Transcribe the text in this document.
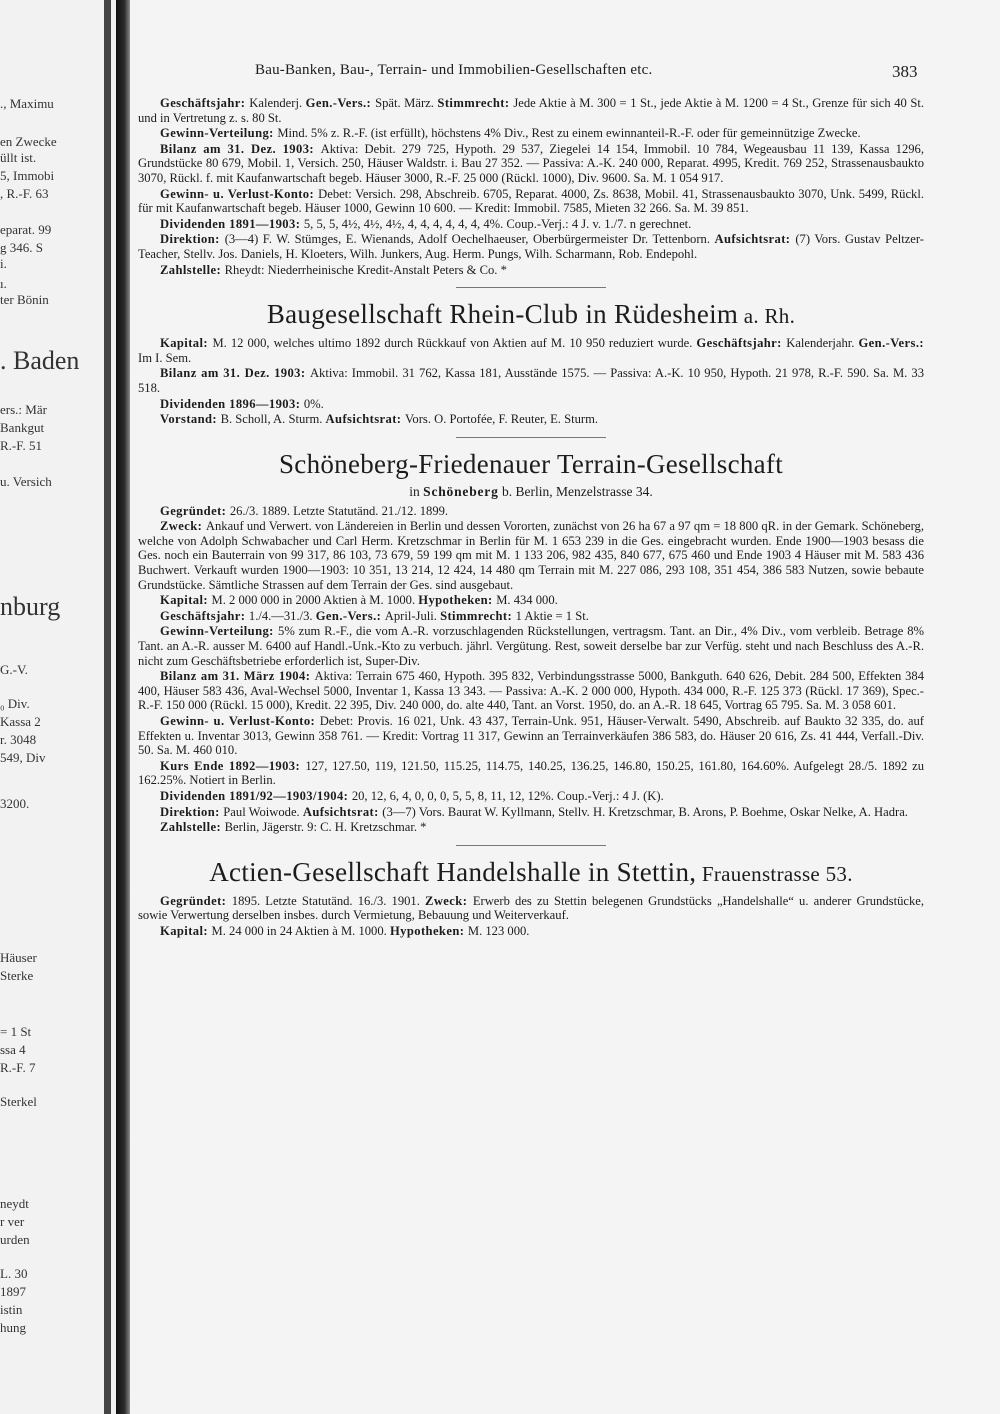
., Maximu
en Zwecke
üllt ist.
5, Immobi
, R.-F. 63
eparat. 99
g 346. S
i.
ı.
ter Bönin
. Baden
ers.: Mär
Bankgut
R.-F. 51
u. Versich
nburg
G.-V.
₀ Div.
Kassa 2
r. 3048
549, Div
3200.
Häuser
Sterke
= 1 St
ssa 4
R.-F. 7
Sterkel
neydt
r ver
urden
L. 30
1897
istin
hung
Bau-Banken, Bau-, Terrain- und Immobilien-Gesellschaften etc.	383

Geschäftsjahr: Kalenderj. Gen.-Vers.: Spät. März. Stimmrecht: Jede Aktie à M. 300 = 1 St., jede Aktie à M. 1200 = 4 St., Grenze für sich 40 St. und in Vertretung z. s. 80 St.

Gewinn-Verteilung: Mind. 5% z. R.-F. (ist erfüllt), höchstens 4% Div., Rest zu einem ewinnanteil-R.-F. oder für gemeinnützige Zwecke.

Bilanz am 31. Dez. 1903: Aktiva: Debit. 279 725, Hypoth. 29 537, Ziegelei 14 154, Immobil. 10 784, Wegeausbau 11 139, Kassa 1296, Grundstücke 80 679, Mobil. 1, Versich. 250, Häuser Waldstr. i. Bau 27 352. — Passiva: A.-K. 240 000, Reparat. 4995, Kredit. 769 252, Strassenausbaukto 3070, Rückl. f. mit Kaufanwartschaft begeb. Häuser 3000, R.-F. 25 000 (Rückl. 1000), Div. 9600. Sa. M. 1 054 917.

Gewinn- u. Verlust-Konto: Debet: Versich. 298, Abschreib. 6705, Reparat. 4000, Zs. 8638, Mobil. 41, Strassenausbaukto 3070, Unk. 5499, Rückl. für mit Kaufanwartschaft begeb. Häuser 1000, Gewinn 10 600. — Kredit: Immobil. 7585, Mieten 32 266. Sa. M. 39 851.

Dividenden 1891—1903: 5, 5, 5, 4½, 4½, 4½, 4, 4, 4, 4, 4, 4, 4%. Coup.-Verj.: 4 J. v. 1./7. n gerechnet.

Direktion: (3—4) F. W. Stümges, E. Wienands, Adolf Oechelhaeuser, Oberbürgermeister Dr. Tettenborn. Aufsichtsrat: (7) Vors. Gustav Peltzer-Teacher, Stellv. Jos. Daniels, H. Kloeters, Wilh. Junkers, Aug. Herm. Pungs, Wilh. Scharmann, Rob. Endepohl.

Zahlstelle: Rheydt: Niederrheinische Kredit-Anstalt Peters & Co. *

Baugesellschaft Rhein-Club in Rüdesheim a. Rh.

Kapital: M. 12 000, welches ultimo 1892 durch Rückkauf von Aktien auf M. 10 950 reduziert wurde. Geschäftsjahr: Kalenderjahr. Gen.-Vers.: Im I. Sem.

Bilanz am 31. Dez. 1903: Aktiva: Immobil. 31 762, Kassa 181, Ausstände 1575. — Passiva: A.-K. 10 950, Hypoth. 21 978, R.-F. 590. Sa. M. 33 518.

Dividenden 1896—1903: 0%.

Vorstand: B. Scholl, A. Sturm. Aufsichtsrat: Vors. O. Portofée, F. Reuter, E. Sturm.

Schöneberg-Friedenauer Terrain-Gesellschaft
in Schöneberg b. Berlin, Menzelstrasse 34.

Gegründet: 26./3. 1889. Letzte Statutänd. 21./12. 1899.

Zweck: Ankauf und Verwert. von Ländereien in Berlin und dessen Vororten, zunächst von 26 ha 67 a 97 qm = 18 800 qR. in der Gemark. Schöneberg, welche von Adolph Schwabacher und Carl Herm. Kretzschmar in Berlin für M. 1 653 239 in die Ges. eingebracht wurden. Ende 1900—1903 besass die Ges. noch ein Bauterrain von 99 317, 86 103, 73 679, 59 199 qm mit M. 1 133 206, 982 435, 840 677, 675 460 und Ende 1903 4 Häuser mit M. 583 436 Buchwert. Verkauft wurden 1900—1903: 10 351, 13 214, 12 424, 14 480 qm Terrain mit M. 227 086, 293 108, 351 454, 386 583 Nutzen, sowie bebaute Grundstücke. Sämtliche Strassen auf dem Terrain der Ges. sind ausgebaut.

Kapital: M. 2 000 000 in 2000 Aktien à M. 1000. Hypotheken: M. 434 000.

Geschäftsjahr: 1./4.—31./3. Gen.-Vers.: April-Juli. Stimmrecht: 1 Aktie = 1 St.

Gewinn-Verteilung: 5% zum R.-F., die vom A.-R. vorzuschlagenden Rückstellungen, vertragsm. Tant. an Dir., 4% Div., vom verbleib. Betrage 8% Tant. an A.-R. ausser M. 6400 auf Handl.-Unk.-Kto zu verbuch. jährl. Vergütung. Rest, soweit derselbe bar zur Verfüg. steht und nach Beschluss des A.-R. nicht zum Geschäftsbetriebe erforderlich ist, Super-Div.

Bilanz am 31. März 1904: Aktiva: Terrain 675 460, Hypoth. 395 832, Verbindungsstrasse 5000, Bankguth. 640 626, Debit. 284 500, Effekten 384 400, Häuser 583 436, Aval-Wechsel 5000, Inventar 1, Kassa 13 343. — Passiva: A.-K. 2 000 000, Hypoth. 434 000, R.-F. 125 373 (Rückl. 17 369), Spec.-R.-F. 150 000 (Rückl. 15 000), Kredit. 22 395, Div. 240 000, do. alte 440, Tant. an Vorst. 1950, do. an A.-R. 18 645, Vortrag 65 795. Sa. M. 3 058 601.

Gewinn- u. Verlust-Konto: Debet: Provis. 16 021, Unk. 43 437, Terrain-Unk. 951, Häuser-Verwalt. 5490, Abschreib. auf Baukto 32 335, do. auf Effekten u. Inventar 3013, Gewinn 358 761. — Kredit: Vortrag 11 317, Gewinn an Terrainverkäufen 386 583, do. Häuser 20 616, Zs. 41 444, Verfall.-Div. 50. Sa. M. 460 010.

Kurs Ende 1892—1903: 127, 127.50, 119, 121.50, 115.25, 114.75, 140.25, 136.25, 146.80, 150.25, 161.80, 164.60%. Aufgelegt 28./5. 1892 zu 162.25%. Notiert in Berlin.

Dividenden 1891/92—1903/1904: 20, 12, 6, 4, 0, 0, 0, 5, 5, 8, 11, 12, 12%. Coup.-Verj.: 4 J. (K).

Direktion: Paul Woiwode. Aufsichtsrat: (3—7) Vors. Baurat W. Kyllmann, Stellv. H. Kretzschmar, B. Arons, P. Boehme, Oskar Nelke, A. Hadra.

Zahlstelle: Berlin, Jägerstr. 9: C. H. Kretzschmar. *

Actien-Gesellschaft Handelshalle in Stettin, Frauenstrasse 53.

Gegründet: 1895. Letzte Statutänd. 16./3. 1901. Zweck: Erwerb des zu Stettin belegenen Grundstücks „Handelshalle“ u. anderer Grundstücke, sowie Verwertung derselben insbes. durch Vermietung, Bebauung und Weiterverkauf.

Kapital: M. 24 000 in 24 Aktien à M. 1000. Hypotheken: M. 123 000.
